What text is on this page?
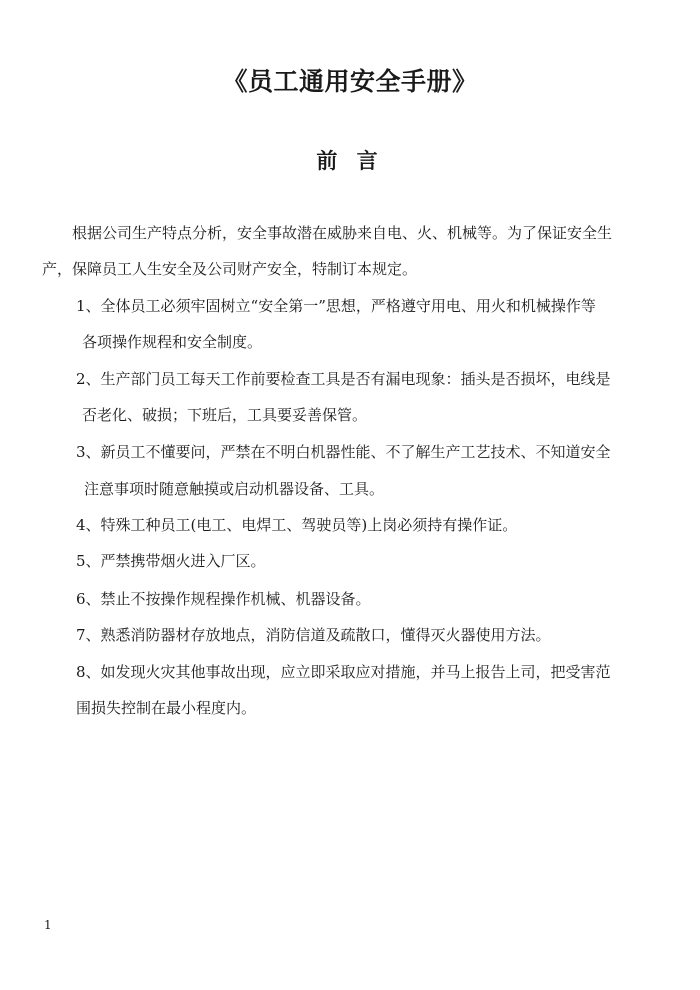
《员工通用安全手册》
前 言
根据公司生产特点分析，安全事故潜在威胁来自电、火、机械等。为了保证安全生
产，保障员工人生安全及公司财产安全，特制订本规定。
1、全体员工必须牢固树立“安全第一”思想，严格遵守用电、用火和机械操作等
各项操作规程和安全制度。
2、生产部门员工每天工作前要检查工具是否有漏电现象：插头是否损坏，电线是
否老化、破损；下班后，工具要妥善保管。
3、新员工不懂要问，严禁在不明白机器性能、不了解生产工艺技术、不知道安全
注意事项时随意触摸或启动机器设备、工具。
4、特殊工种员工(电工、电焊工、驾驶员等)上岗必须持有操作证。
5、严禁携带烟火进入厂区。
6、禁止不按操作规程操作机械、机器设备。
7、熟悉消防器材存放地点，消防信道及疏散口，懂得灭火器使用方法。
8、如发现火灾其他事故出现，应立即采取应对措施，并马上报告上司，把受害范
围损失控制在最小程度内。
1
